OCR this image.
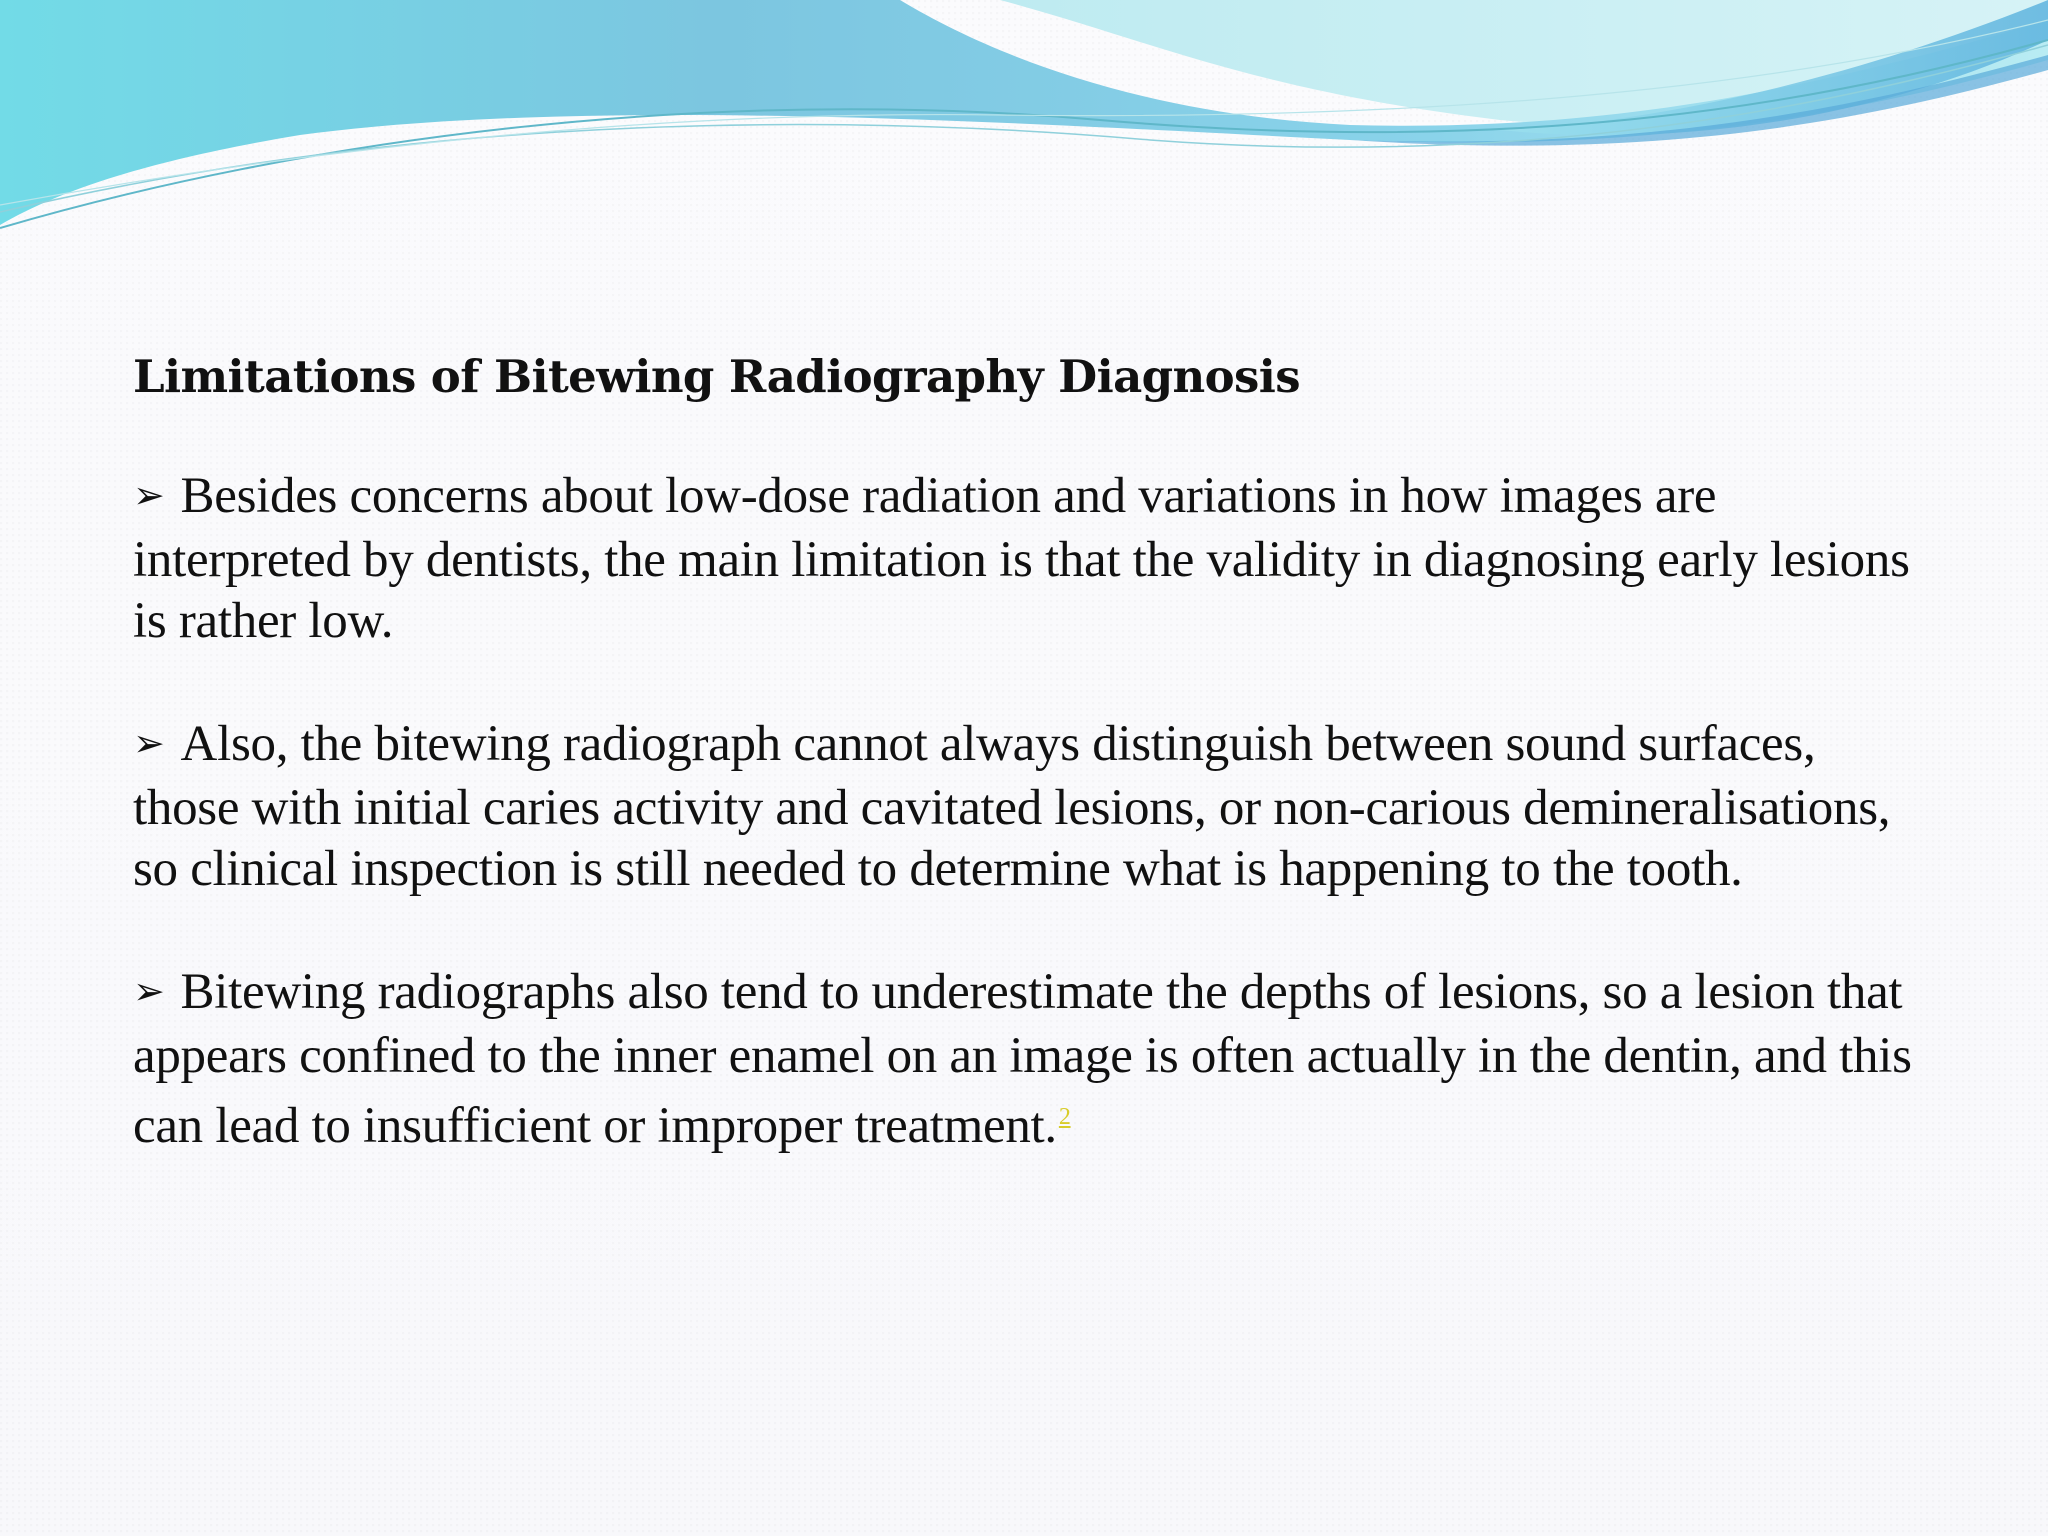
Limitations of Bitewing Radiography Diagnosis

➢ Besides concerns about low-dose radiation and variations in how images are interpreted by dentists, the main limitation is that the validity in diagnosing early lesions is rather low.

➢ Also, the bitewing radiograph cannot always distinguish between sound surfaces, those with initial caries activity and cavitated lesions, or non-carious demineralisations, so clinical inspection is still needed to determine what is happening to the tooth.

➢ Bitewing radiographs also tend to underestimate the depths of lesions, so a lesion that appears confined to the inner enamel on an image is often actually in the dentin, and this can lead to insufficient or improper treatment.$^2$
